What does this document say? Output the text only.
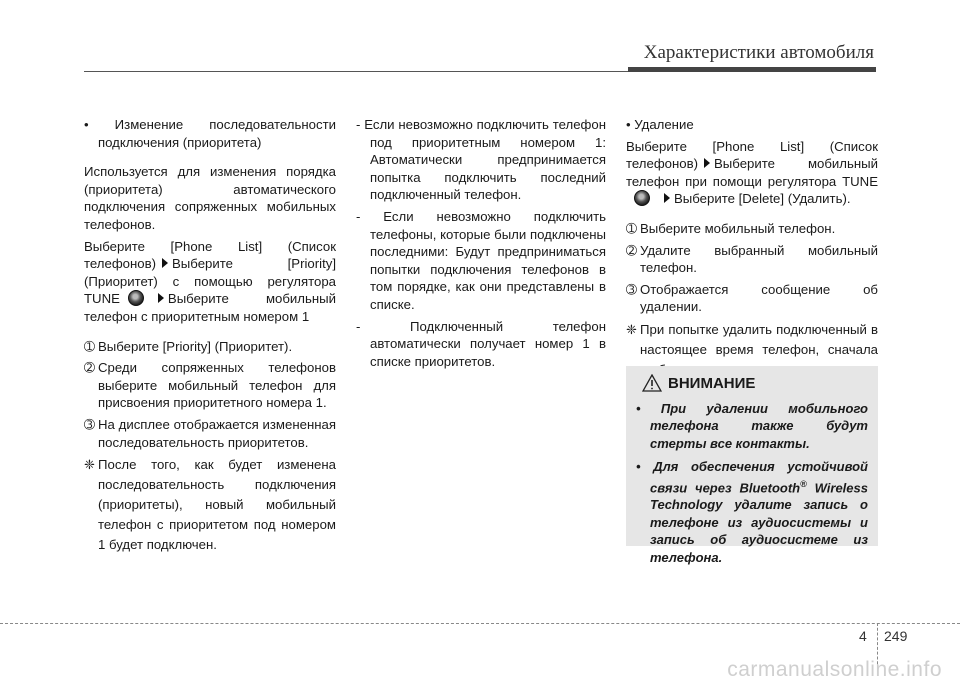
Характеристики автомобиля

• Изменение последовательности подключения (приоритета)

Используется для изменения порядка (приоритета) автоматического подключения сопряженных мобильных телефонов.

Выберите [Phone List] (Список телефонов) Выберите [Priority] (Приоритет) с помощью регулятора TUNE	Выберите мобильный телефон с приоритетным номером 1

➀ Выберите [Priority] (Приоритет).

➁ Среди сопряженных телефонов выберите мобильный телефон для присвоения приоритетного номера 1.

➂ На дисплее отображается измененная последовательность приоритетов.

❈ После того, как будет изменена последовательность подключения (приоритеты), новый мобильный телефон с приоритетом под номером 1 будет подключен.

- Если невозможно подключить телефон под приоритетным номером 1: Автоматически предпринимается попытка подключить последний подключенный телефон.

- Если невозможно подключить телефоны, которые были подключены последними: Будут предприниматься попытки подключения телефонов в том порядке, как они представлены в списке.

- Подключенный телефон автоматически получает номер 1 в списке приоритетов.

• Удаление

Выберите [Phone List] (Список телефонов) Выберите мобильный телефон при помощи регулятора TUNEВыберите [Delete] (Удалить).

➀ Выберите мобильный телефон.

➁ Удалите выбранный мобильный телефон.

➂ Отображается сообщение об удалении.

❈ При попытке удалить подключенный в настоящее время телефон, сначала

ВНИМАНИЕ

• При удалении мобильного телефона также будут стерты все контакты.

• Для обеспечения устойчивой связи через Bluetooth® Wireless Technology удалите запись о телефоне из аудиосистемы и запись об аудиосистеме из телефона.

4 249
carmanualsonline.info
